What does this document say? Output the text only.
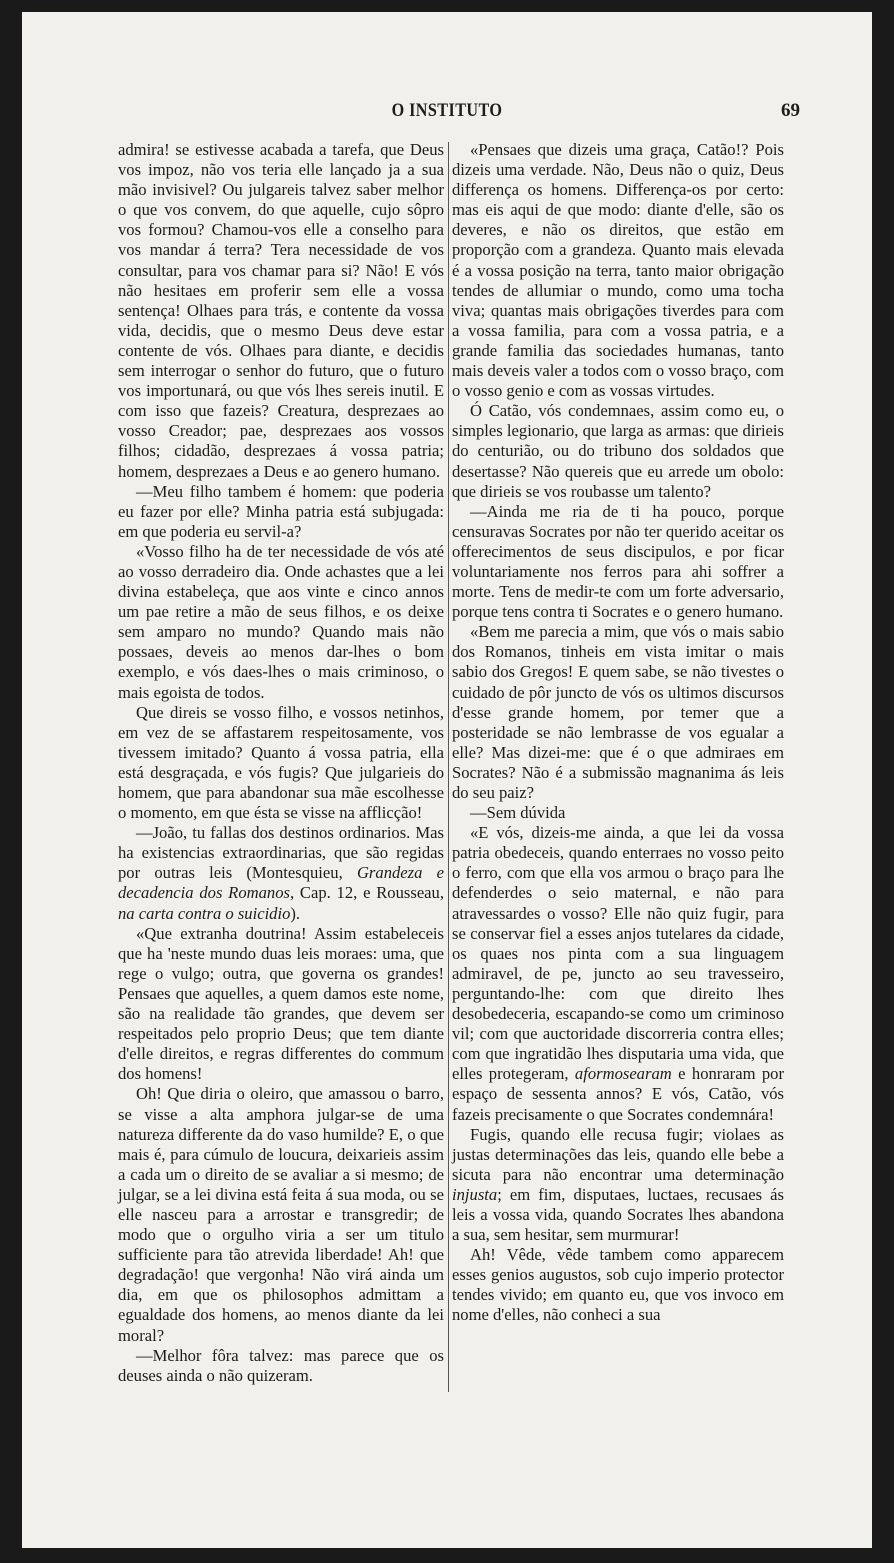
O INSTITUTO	69

admira! se estivesse acabada a tarefa, que Deus vos impoz, não vos teria elle lançado ja a sua mão invisivel? Ou julgareis talvez saber melhor o que vos convem, do que aquelle, cujo sôpro vos formou? Chamou-vos elle a conselho para vos mandar á terra? Tera necessidade de vos consultar, para vos chamar para si? Não! E vós não hesitaes em proferir sem elle a vossa sentença! Olhaes para trás, e contente da vossa vida, decidis, que o mesmo Deus deve estar contente de vós. Olhaes para diante, e decidis sem interrogar o senhor do futuro, que o futuro vos importunará, ou que vós lhes sereis inutil. E com isso que fazeis? Creatura, desprezaes ao vosso Creador; pae, desprezaes aos vossos filhos; cidadão, desprezaes á vossa patria; homem, desprezaes a Deus e ao genero humano.

—Meu filho tambem é homem: que poderia eu fazer por elle? Minha patria está subjugada: em que poderia eu servil-a?

«Vosso filho ha de ter necessidade de vós até ao vosso derradeiro dia. Onde achastes que a lei divina estabeleça, que aos vinte e cinco annos um pae retire a mão de seus filhos, e os deixe sem amparo no mundo? Quando mais não possaes, deveis ao menos dar-lhes o bom exemplo, e vós daes-lhes o mais criminoso, o mais egoista de todos.

Que direis se vosso filho, e vossos netinhos, em vez de se affastarem respeitosamente, vos tivessem imitado? Quanto á vossa patria, ella está desgraçada, e vós fugis? Que julgarieis do homem, que para abandonar sua mãe escolhesse o momento, em que ésta se visse na afflicção!

—João, tu fallas dos destinos ordinarios. Mas ha existencias extraordinarias, que são regidas por outras leis (Montesquieu, Grandeza e decadencia dos Romanos, Cap. 12, e Rousseau, na carta contra o suicidio).

«Que extranha doutrina! Assim estabeleceis que ha 'neste mundo duas leis moraes: uma, que rege o vulgo; outra, que governa os grandes! Pensaes que aquelles, a quem damos este nome, são na realidade tão grandes, que devem ser respeitados pelo proprio Deus; que tem diante d'elle direitos, e regras differentes do commum dos homens!

Oh! Que diria o oleiro, que amassou o barro, se visse a alta amphora julgar-se de uma natureza differente da do vaso humilde? E, o que mais é, para cúmulo de loucura, deixarieis assim a cada um o direito de se avaliar a si mesmo; de julgar, se a lei divina está feita á sua moda, ou se elle nasceu para a arrostar e transgredir; de modo que o orgulho viria a ser um titulo sufficiente para tão atrevida liberdade! Ah! que degradação! que vergonha! Não virá ainda um dia, em que os philosophos admittam a egualdade dos homens, ao menos diante da lei moral?

—Melhor fôra talvez: mas parece que os deuses ainda o não quizeram.

«Pensaes que dizeis uma graça, Catão!? Pois dizeis uma verdade. Não, Deus não o quiz, Deus differença os homens. Differença-os por certo: mas eis aqui de que modo: diante d'elle, são os deveres, e não os direitos, que estão em proporção com a grandeza. Quanto mais elevada é a vossa posição na terra, tanto maior obrigação tendes de allumiar o mundo, como uma tocha viva; quantas mais obrigações tiverdes para com a vossa familia, para com a vossa patria, e a grande familia das sociedades humanas, tanto mais deveis valer a todos com o vosso braço, com o vosso genio e com as vossas virtudes.

Ó Catão, vós condemnaes, assim como eu, o simples legionario, que larga as armas: que dirieis do centurião, ou do tribuno dos soldados que desertasse? Não quereis que eu arrede um obolo: que dirieis se vos roubasse um talento?

—Ainda me ria de ti ha pouco, porque censuravas Socrates por não ter querido aceitar os offerecimentos de seus discipulos, e por ficar voluntariamente nos ferros para ahi soffrer a morte. Tens de medir-te com um forte adversario, porque tens contra ti Socrates e o genero humano.

«Bem me parecia a mim, que vós o mais sabio dos Romanos, tinheis em vista imitar o mais sabio dos Gregos! E quem sabe, se não tivestes o cuidado de pôr juncto de vós os ultimos discursos d'esse grande homem, por temer que a posteridade se não lembrasse de vos egualar a elle? Mas dizei-me: que é o que admiraes em Socrates? Não é a submissão magnanima ás leis do seu paiz?

—Sem dúvida

«E vós, dizeis-me ainda, a que lei da vossa patria obedeceis, quando enterraes no vosso peito o ferro, com que ella vos armou o braço para lhe defenderdes o seio maternal, e não para atravessardes o vosso? Elle não quiz fugir, para se conservar fiel a esses anjos tutelares da cidade, os quaes nos pinta com a sua linguagem admiravel, de pe, juncto ao seu travesseiro, perguntando-lhe: com que direito lhes desobedeceria, escapando-se como um criminoso vil; com que auctoridade discorreria contra elles; com que ingratidão lhes disputaria uma vida, que elles protegeram, aformosearam e honraram por espaço de sessenta annos? E vós, Catão, vós fazeis precisamente o que Socrates condemnára!

Fugis, quando elle recusa fugir; violaes as justas determinações das leis, quando elle bebe a sicuta para não encontrar uma determinação injusta; em fim, disputaes, luctaes, recusaes ás leis a vossa vida, quando Socrates lhes abandona a sua, sem hesitar, sem murmurar!

Ah! Vêde, vêde tambem como apparecem esses genios augustos, sob cujo imperio protector tendes vivido; em quanto eu, que vos invoco em nome d'elles, não conheci a sua
